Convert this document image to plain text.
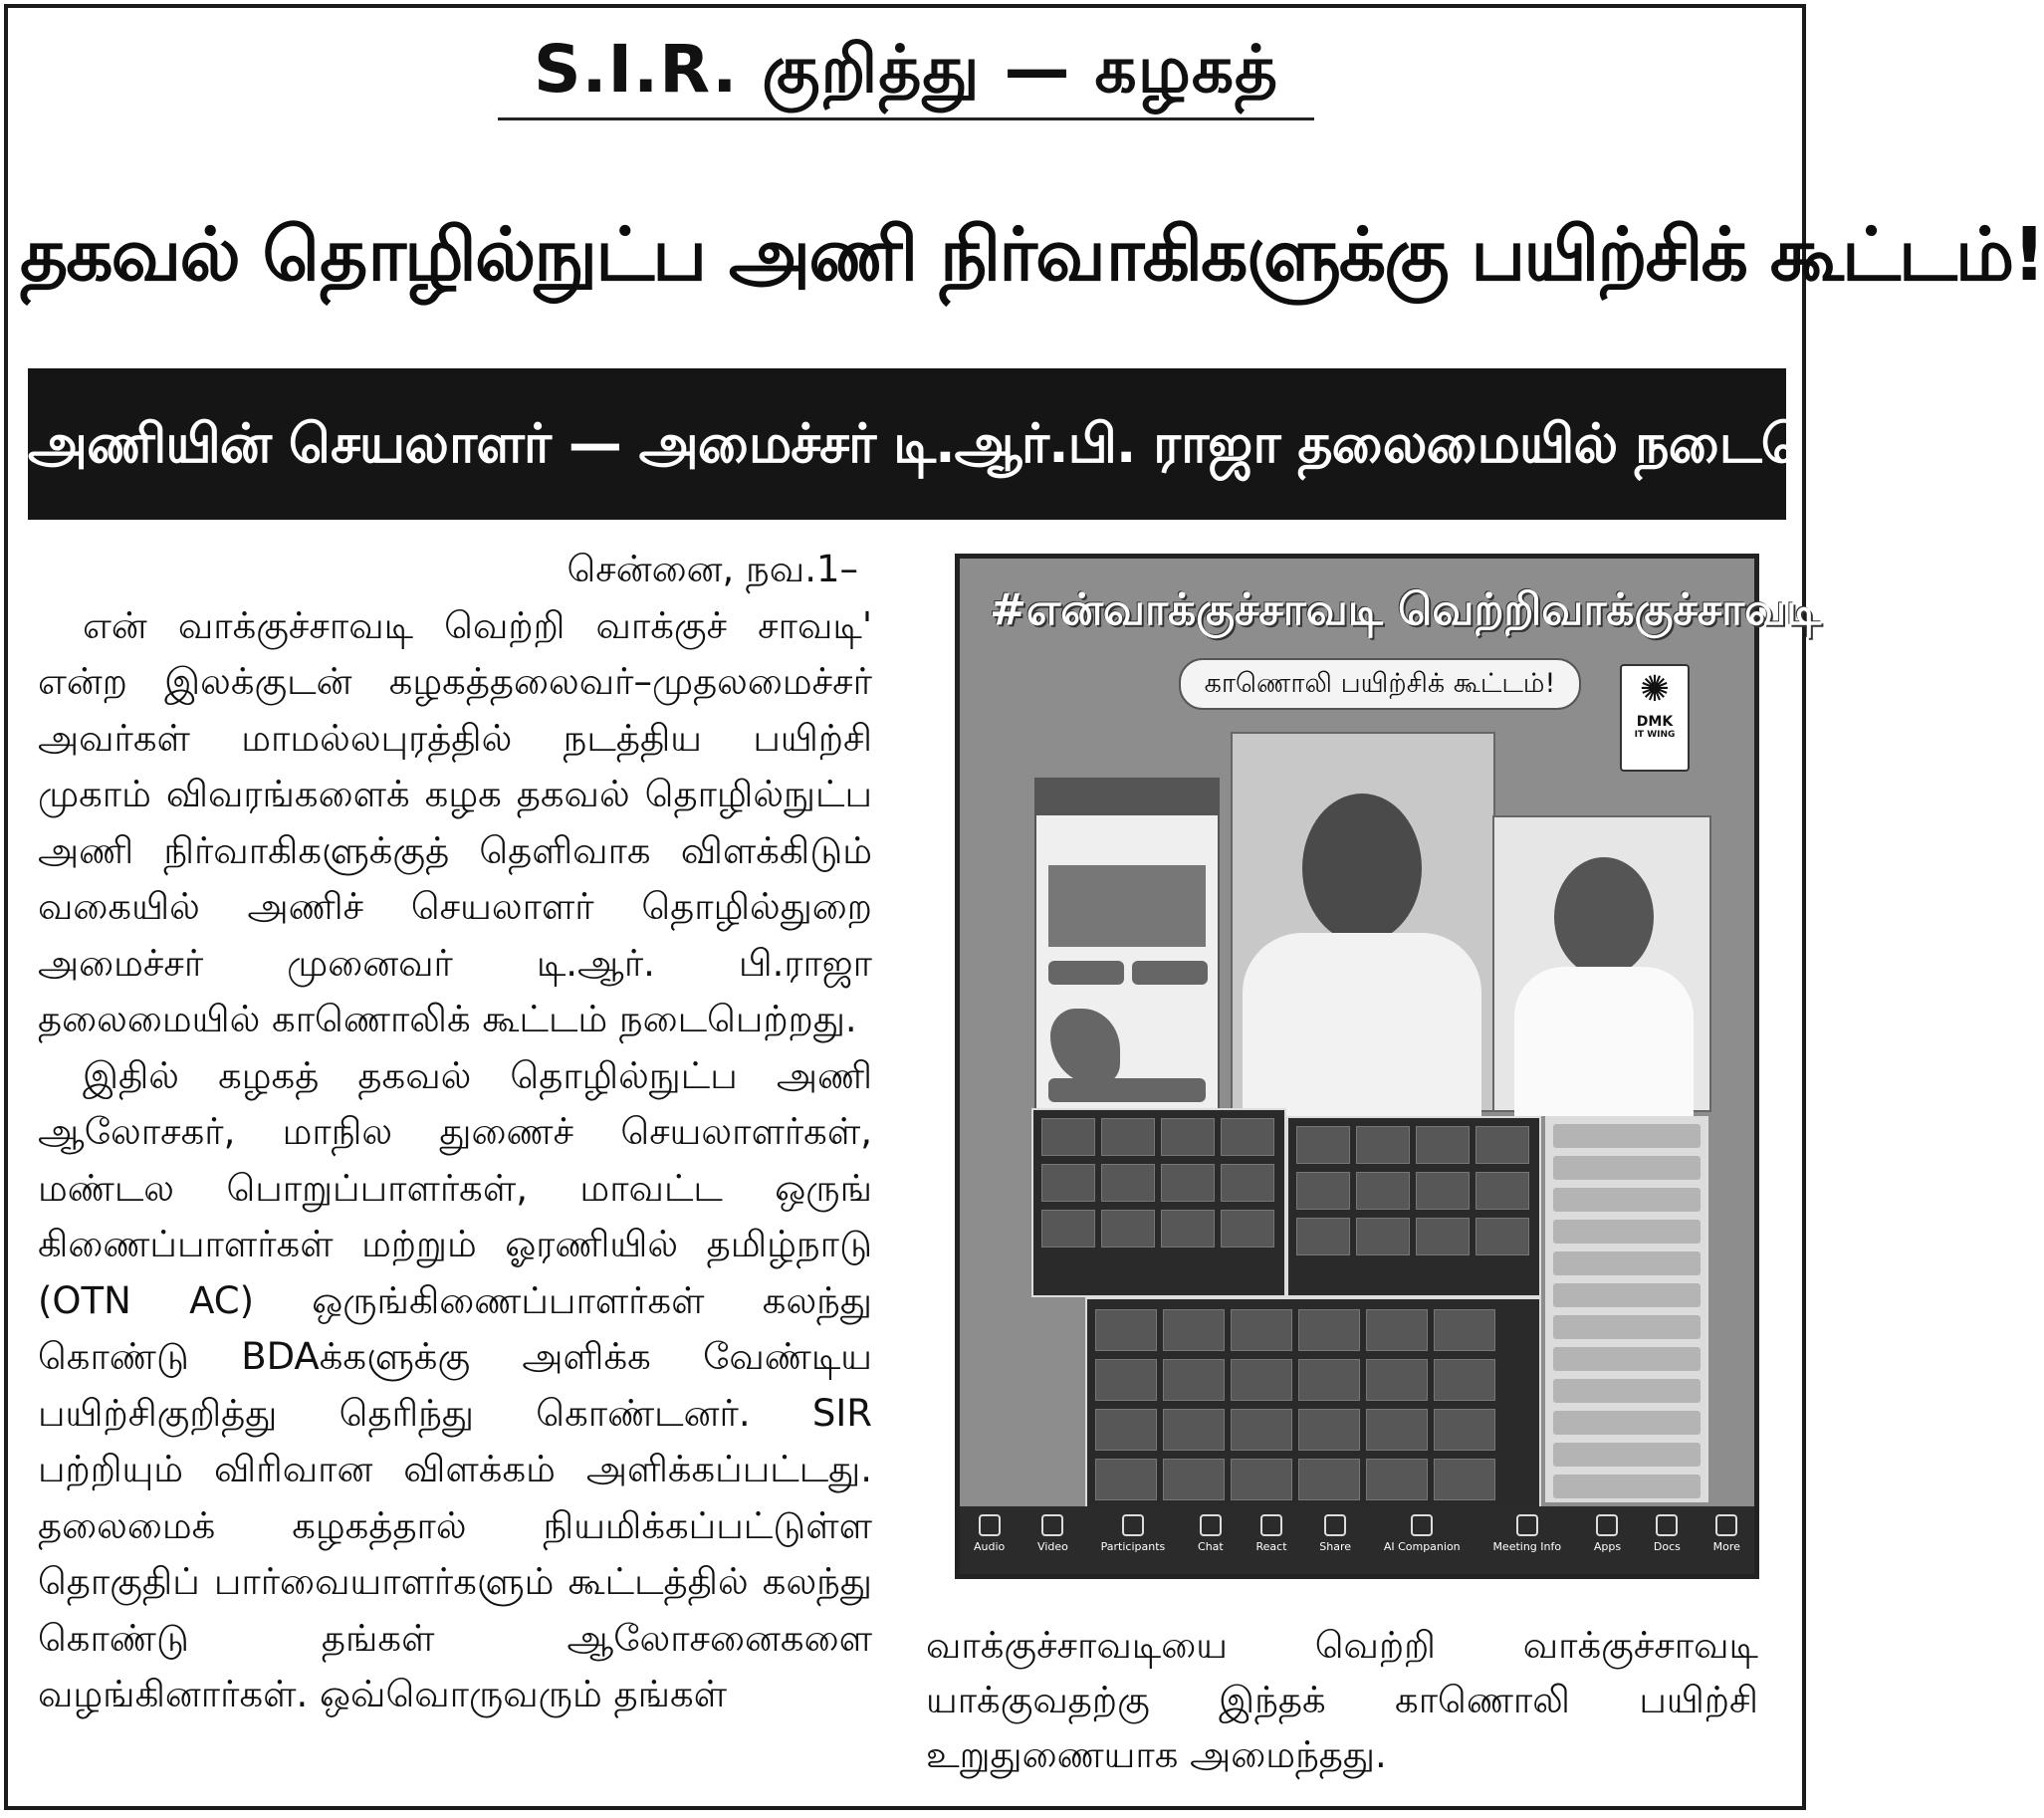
S.I.R. குறித்து — கழகத்
தகவல் தொழில்நுட்ப அணி நிர்வாகிகளுக்கு பயிற்சிக் கூட்டம்!
அணியின் செயலாளர் — அமைச்சர் டி.ஆர்.பி. ராஜா தலைமையில் நடைபெற்றது!
சென்னை, நவ.1–

என் வாக்குச்சாவடி வெற்றி வாக்குச் சாவடி' என்ற இலக்குடன் கழகத்தலைவர்–முதலமைச்சர் அவர்கள் மாமல்லபுரத்தில் நடத்திய பயிற்சி முகாம் விவரங்களைக் கழக தகவல் தொழில்நுட்ப அணி நிர்வாகிகளுக்குத் தெளிவாக விளக்கிடும் வகையில் அணிச் செயலாளர் தொழில்துறை அமைச்சர் முனைவர் டி.ஆர். பி.ராஜா தலைமையில் காணொலிக் கூட்டம் நடைபெற்றது.

இதில் கழகத் தகவல் தொழில்நுட்ப அணி ஆலோசகர், மாநில துணைச் செயலாளர்கள், மண்டல பொறுப்பாளர்கள், மாவட்ட ஒருங் கிணைப்பாளர்கள் மற்றும் ஓரணியில் தமிழ்நாடு (OTN AC) ஒருங்கிணைப்பாளர்கள் கலந்து கொண்டு BDAக்களுக்கு அளிக்க வேண்டிய பயிற்சிகுறித்து தெரிந்து கொண்டனர். SIR பற்றியும் விரிவான விளக்கம் அளிக்கப்பட்டது. தலைமைக் கழகத்தால் நியமிக்கப்பட்டுள்ள தொகுதிப் பார்வையாளர்களும் கூட்டத்தில் கலந்து கொண்டு தங்கள் ஆலோசனைகளை வழங்கினார்கள். ஒவ்வொருவரும் தங்கள்

#என்வாக்குச்சாவடி வெற்றிவாக்குச்சாவடி
காணொலி பயிற்சிக் கூட்டம்!	✺
DMK
IT WING
Audio	Video	Participants	Chat	React	Share	AI Companion	Meeting Info	Apps	Docs	More

வாக்குச்சாவடியை வெற்றி வாக்குச்சாவடி யாக்குவதற்கு இந்தக் காணொலி பயிற்சி உறுதுணையாக அமைந்தது.
